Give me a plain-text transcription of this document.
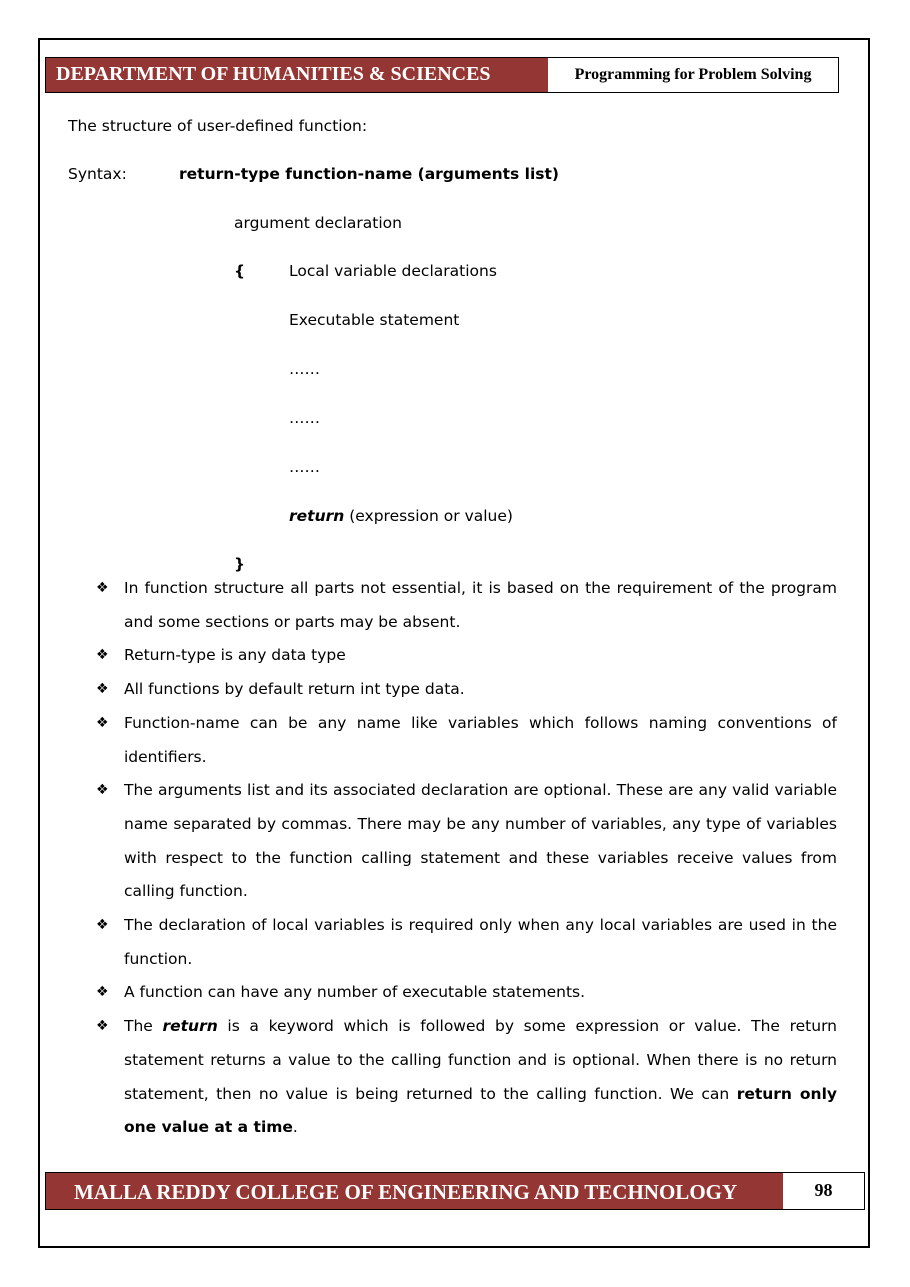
DEPARTMENT OF HUMANITIES & SCIENCES	Programming for Problem Solving
The structure of user-defined function:
Syntax:	return-type function-name (arguments list)
argument declaration
{	Local variable declarations
Executable statement
……
……
……
return (expression or value)
}
❖ In function structure all parts not essential, it is based on the requirement of the program and some sections or parts may be absent.
❖ Return-type is any data type
❖ All functions by default return int type data.
❖ Function-name can be any name like variables which follows naming conventions of identifiers.
❖ The arguments list and its associated declaration are optional. These are any valid variable name separated by commas. There may be any number of variables, any type of variables with respect to the function calling statement and these variables receive values from calling function.
❖ The declaration of local variables is required only when any local variables are used in the function.
❖ A function can have any number of executable statements.
❖ The return is a keyword which is followed by some expression or value. The return statement returns a value to the calling function and is optional. When there is no return statement, then no value is being returned to the calling function. We can return only one value at a time.
MALLA REDDY COLLEGE OF ENGINEERING AND TECHNOLOGY	98
